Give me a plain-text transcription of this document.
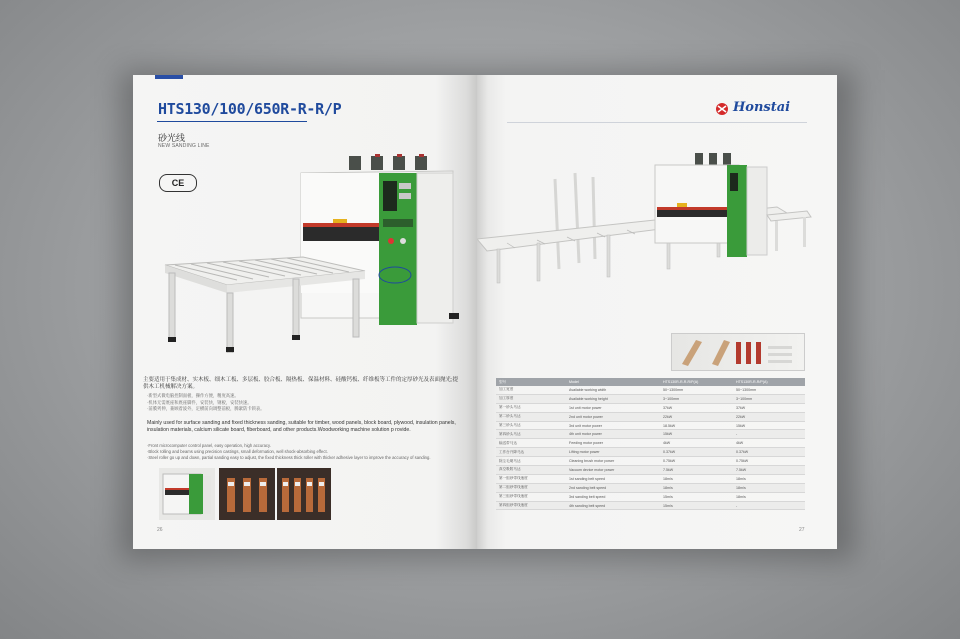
HTS130/100/650R-R-R/P
砂光线
NEW SANDING LINE
CE
主要适用于集成材、实木板、细木工板、多层板、胶合板、隔热板、保温材料、硅酸钙板、纤维板等工件的定厚砂光及表面抛光;提供木工机械解决方案。
·新型式微电脑控制面板，操作方便，精度高速。
·机体无需底座和底座脚件，安装快，钢板，安装快速。
·前膜列伸，兼顾着波外，定横前向调整前板，腾紧防卡锁表。
Mainly used for surface sanding and fixed thickness sanding, suitable for timber, wood panels, block board, plywood, insulation panels, insulation materials, calcium silicate board, fiberboard, and other products.Woodworking machine solution p rovide.
·Front microcomputer control panel, easy operation, high accuracy.
·Block rolling and beams using precision castings, small deformation, well shock-absorbing effect.
·Steel roller go up and down, partial sanding easy to adjust, the fixed thickness thick roller with thicker adhesive layer to improve the accuracy of sanding.
26
Honstai
型号	Model	HTS130R-R-R-R/P(A)	HTS130R-R-R/P(A)
加工宽度	Available working width	50~1300mm	50~1300mm
加工厚度	Available working height	3~100mm	3~100mm
第一砂头马达	1st unit motor power	37kW	37kW
第二砂头马达	2nd unit motor power	22kW	22kW
第三砂头马达	3rd unit motor power	18.5kW	15kW
第四砂头马达	4th unit motor power	15kW	-
输送带马达	Feeding motor power	4kW	4kW
工作台升降马达	Lifting motor power	0.37kW	0.37kW
除尘毛刷马达	Cleaning brush motor power	0.75kW	0.75kW
真空吸附马达	Vacuum device motor power	7.5kW	7.5kW
第一组砂带线速度	1st sanding belt speed	18m/s	18m/s
第二组砂带线速度	2nd sanding belt speed	18m/s	18m/s
第三组砂带线速度	3rd sanding belt speed	15m/s	18m/s
第四组砂带线速度	4th sanding belt speed	15m/s	-
27
